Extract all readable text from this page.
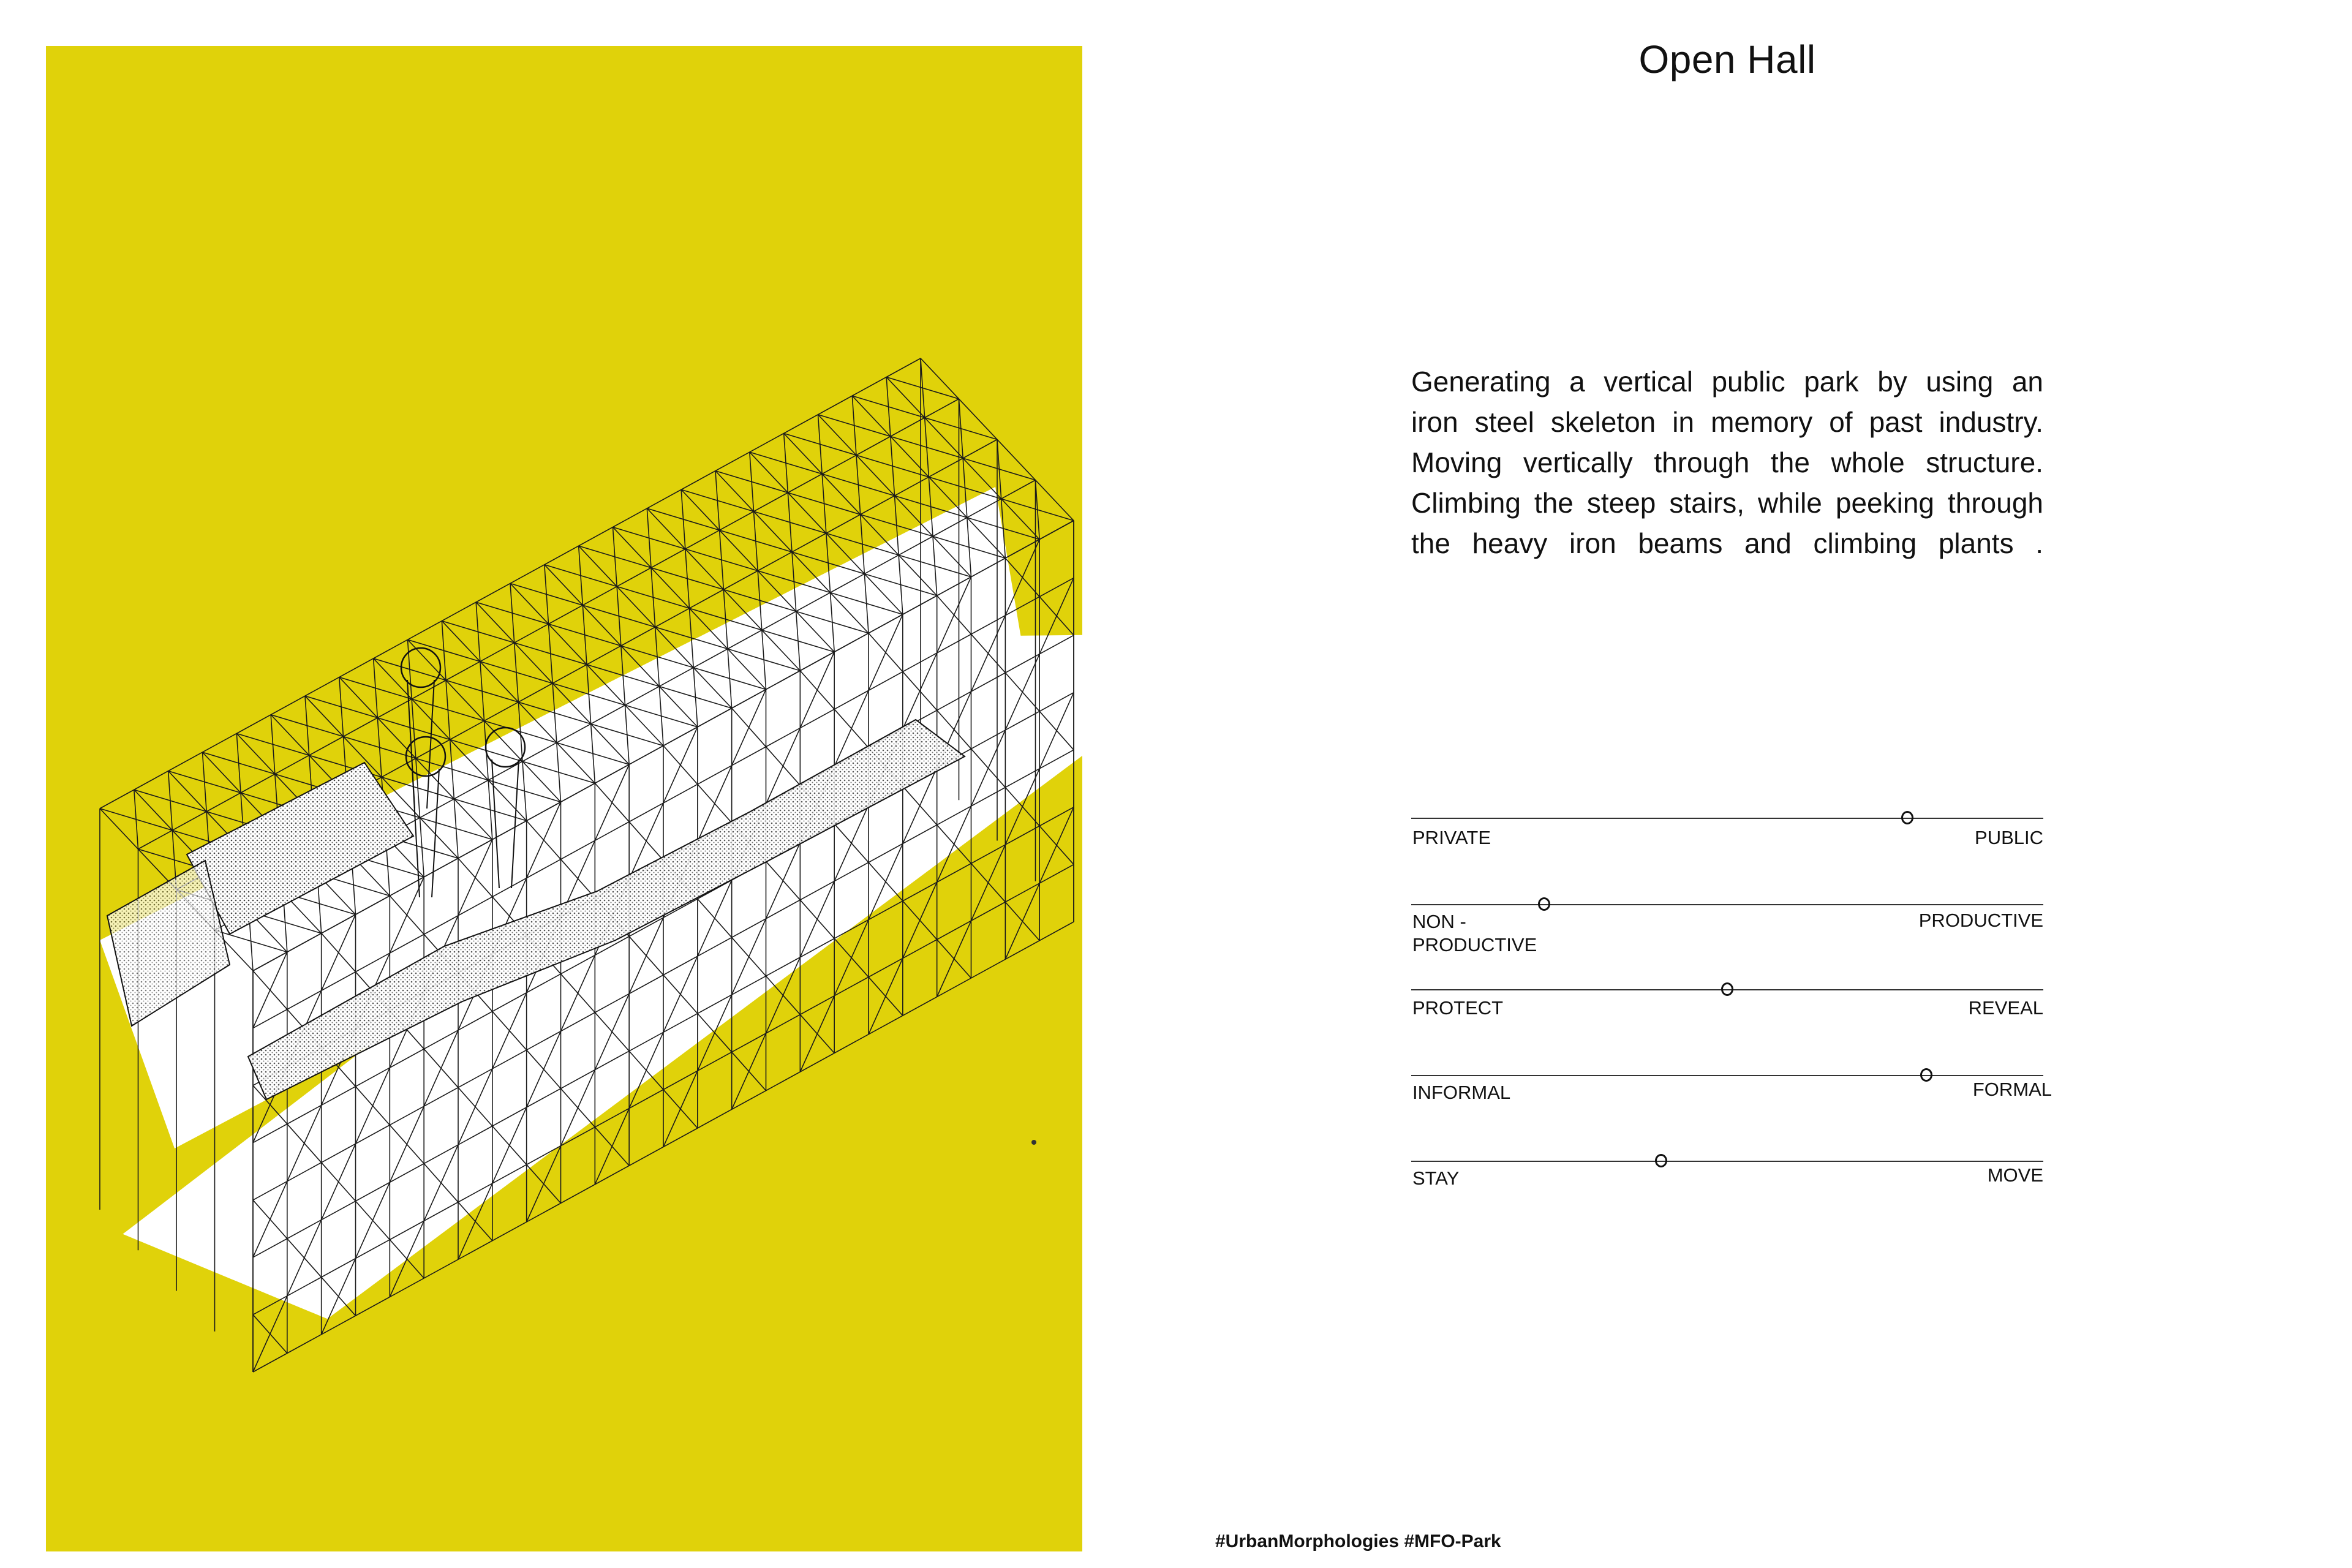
Open Hall
Generating a vertical public park by using an
iron steel skeleton in memory of past industry.
Moving vertically through the whole structure.
Climbing the steep stairs, while peeking through
the heavy iron beams and climbing plants .
PRIVATE	PUBLIC
NON -
PRODUCTIVE
PRODUCTIVE
PROTECT	REVEAL
INFORMAL	FORMAL
STAY	MOVE
#UrbanMorphologies #MFO-Park
